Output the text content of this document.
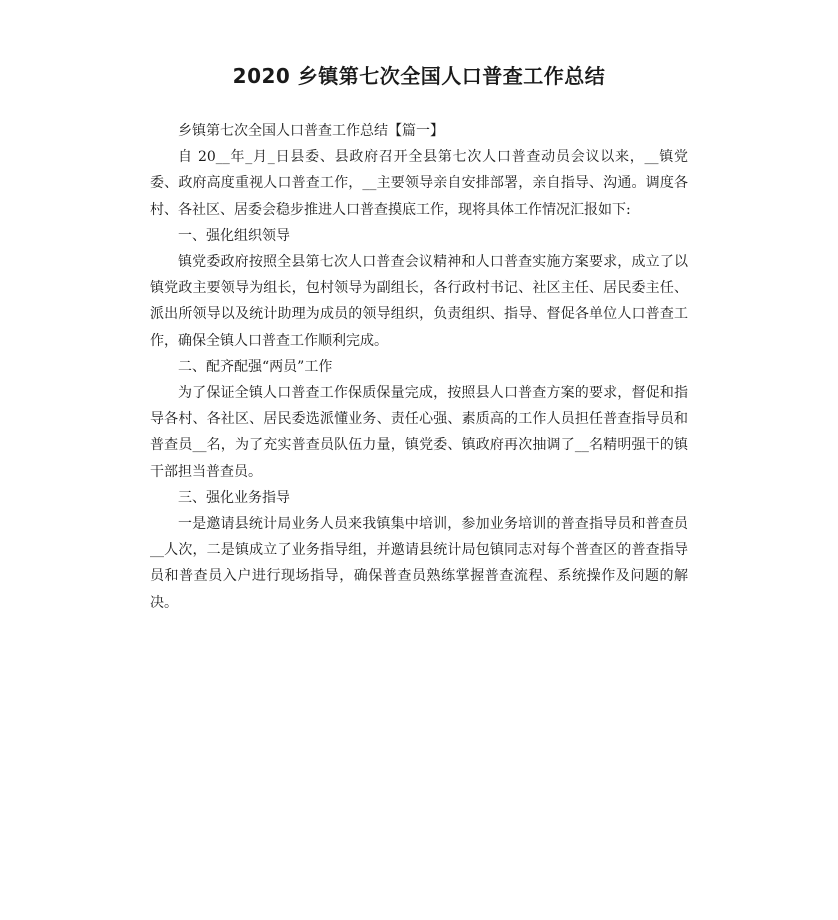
2020 乡镇第七次全国人口普查工作总结

乡镇第七次全国人口普查工作总结【篇一】

自 20__年_月_日县委、县政府召开全县第七次人口普查动员会议以来，__镇党委、政府高度重视人口普查工作，__主要领导亲自安排部署，亲自指导、沟通。调度各村、各社区、居委会稳步推进人口普查摸底工作，现将具体工作情况汇报如下:

一、强化组织领导

镇党委政府按照全县第七次人口普查会议精神和人口普查实施方案要求，成立了以镇党政主要领导为组长，包村领导为副组长，各行政村书记、社区主任、居民委主任、派出所领导以及统计助理为成员的领导组织，负责组织、指导、督促各单位人口普查工作，确保全镇人口普查工作顺利完成。

二、配齐配强“两员”工作

为了保证全镇人口普查工作保质保量完成，按照县人口普查方案的要求，督促和指导各村、各社区、居民委选派懂业务、责任心强、素质高的工作人员担任普查指导员和普查员__名，为了充实普查员队伍力量，镇党委、镇政府再次抽调了__名精明强干的镇干部担当普查员。

三、强化业务指导

一是邀请县统计局业务人员来我镇集中培训，参加业务培训的普查指导员和普查员__人次，二是镇成立了业务指导组，并邀请县统计局包镇同志对每个普查区的普查指导员和普查员入户进行现场指导，确保普查员熟练掌握普查流程、系统操作及问题的解决。
